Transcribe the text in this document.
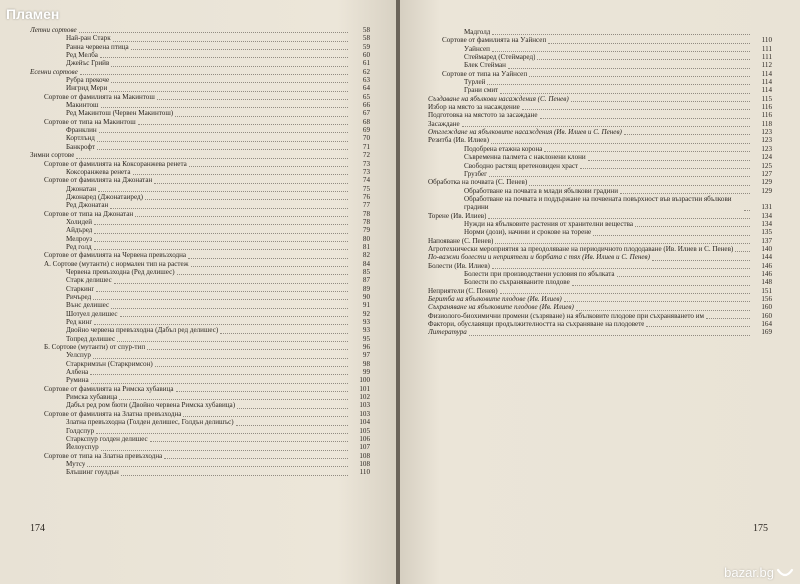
Летни сортове	58
Най-ран Старк	58
Ранна червена птица	59
Ред Мелба	60
Джейъс Грийв	61
Есенни сортове	62
Рубра прекоче	63
Ингрид Мери	64
Сортове от фамилията на Макинтош	65
Макинтош	66
Ред Макинтош (Червен Макинтош)	67
Сортове от типа на Макинтош	68
Франклин	69
Кортлънд	70
Банкрофт	71
Зимни сортове	72
Сортове от фамилията на Коксоранжева ренета	73
Коксоранжева ренета	73
Сортове от фамилията на Джонатан	74
Джонатан	75
Джонаред (Джонатаиред)	76
Ред Джонатан	77
Сортове от типа на Джонатан	78
Холидей	78
Айдъред	79
Мелроуз	80
Ред голд	81
Сортове от фамилията на Червена превъзходна	82
А. Сортове (мутанти) с нормален тип на растеж	84
Червена превъзходна (Ред делишес)	85
Старк делишес	87
Старкинг	89
Ричъред	90
Вънс делишес	91
Шотуел делишес	92
Ред кинг	93
Двойно червена превъзходна (Дабъл ред делишес)	93
Топред делишес	95
Б. Сортове (мутанти) от спур-тип	96
Уелспур	97
Старкримзън (Старкримсон)	98
Албена	99
Румина	100
Сортове от фамилията на Римска хубавица	101
Римска хубавица	102
Дабъл ред ром бюти (Двойно червена Римска хубавица)	103
Сортове от фамилията на Златна превъзходна	103
Златна превъзходна (Голден делишес, Голдън делишъс)	104
Голдспур	105
Старкспур голден делишес	106
Йелоуспур	107
Сортове от типа на Златна превъзходна	108
Мутсу	108
Блъшинг гоулдън	110
174
Пламен
Мадголд
Сортове от фамилията на Уайнсеп	110
Уайнсеп	111
Стеймаред (Стеймаред)	111
Блек Стейман	112
Сортове от типа на Уайнсеп	114
Турлей	114
Грани смит	114
Създаване на ябълкови насаждения (С. Пенев)	115
Избор на място за насаждение	116
Подготовка на мястото за засаждане	116
Засаждане	118
Отглеждане на ябълковите насаждения (Ив. Илиев и С. Пенев)	123
Резитба (Ив. Илиев)	123
Подобрена етажна корона	123
Съвременна палмета с наклонени клони	124
Свободно растящ вретеновиден храст	125
Грузбег	127
Обработка на почвата (С. Пенев)	129
Обработване на почвата в млади ябълкови градини	129
Обработване на почвата и поддържане на почвената повърхност във възрастни ябълкови градини	131
Торене (Ив. Илиев)	134
Нужди на ябълковите растения от хранителни вещества	134
Норми (дози), начини и срокове на торене	135
Напояване (С. Пенев)	137
Агротехнически мероприятия за преодоляване на периодичното плододаване (Ив. Илиев и С. Пенев)	140
По-важни болести и неприятели и борбата с тях (Ив. Илиев и С. Пенев)	144
Болести (Ив. Илиев)	146
Болести при производствени условия по ябълката	146
Болести по съхраняваните плодове	148
Неприятели (С. Пенев)	151
Беритба на ябълковите плодове (Ив. Илиев)	156
Съхраняване на ябълковите плодове (Ив. Илиев)	160
Физиолого-биохимични промени (съзряване) на ябълковите плодове при съхраняването им	160
Фактори, обуславящи продължителността на съхраняване на плодовете	164
Литература	169
175
bazar.bg
